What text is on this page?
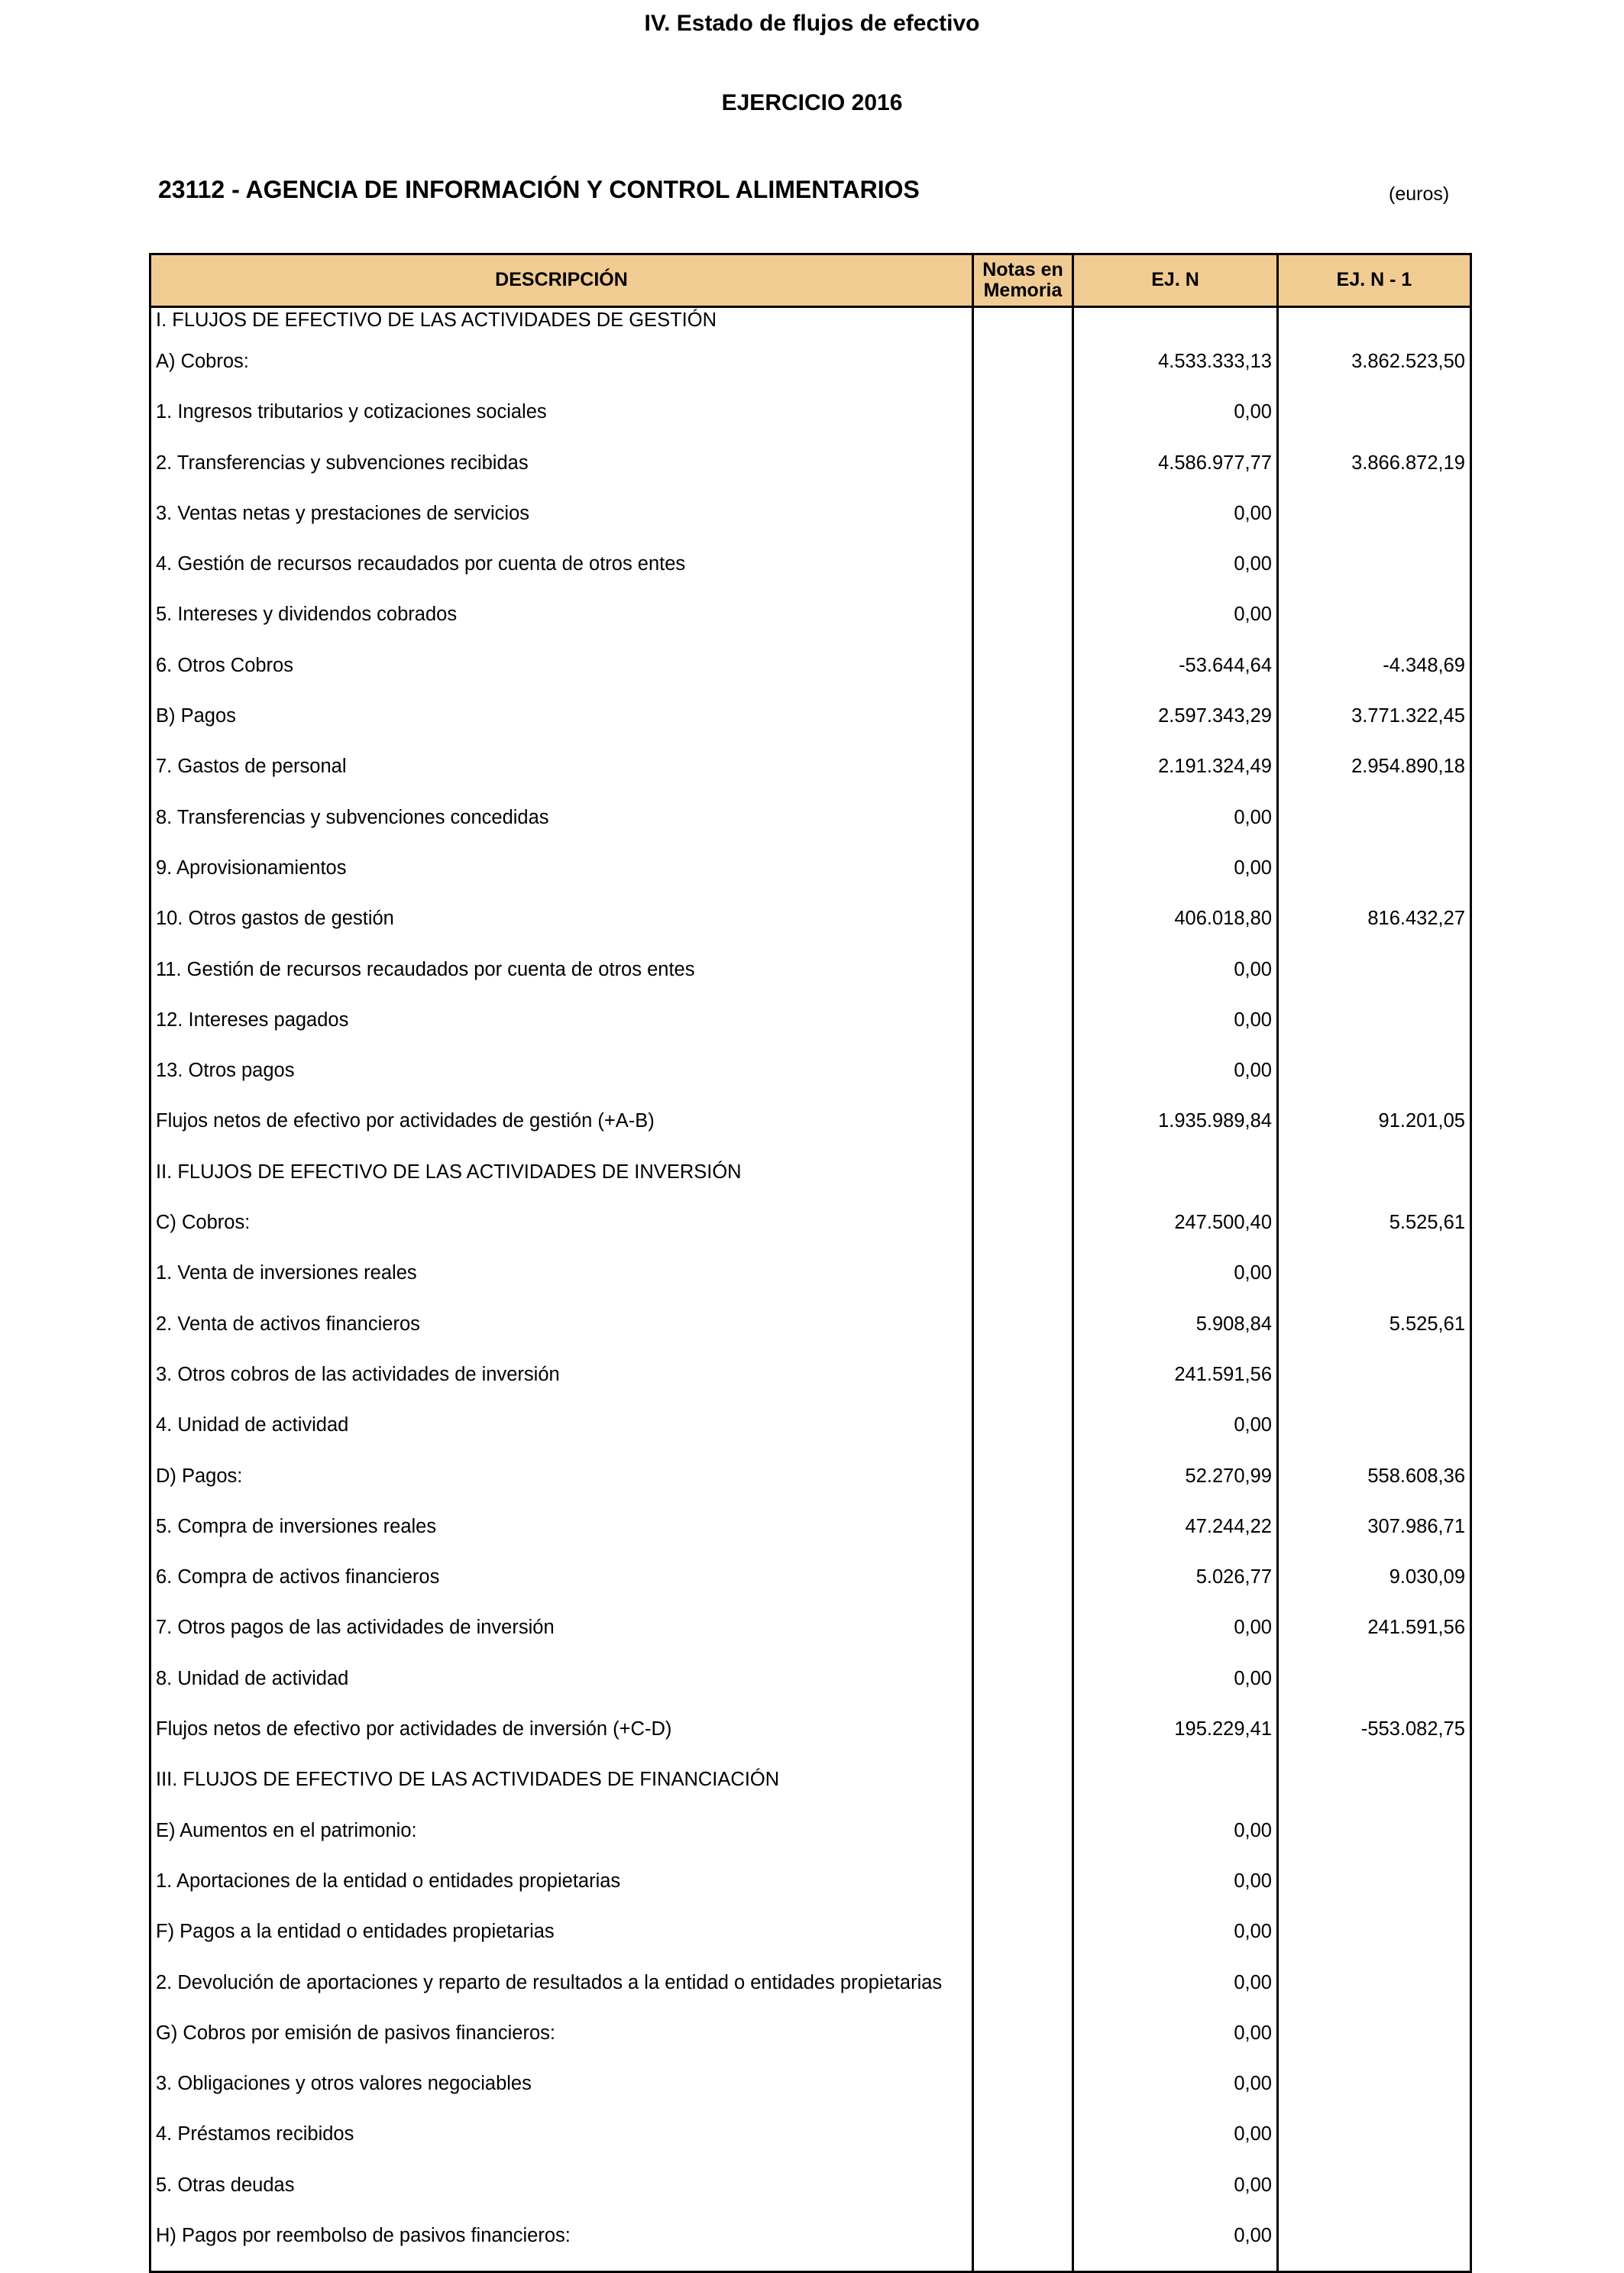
IV. Estado de flujos de efectivo
EJERCICIO 2016
23112 - AGENCIA DE INFORMACIÓN Y CONTROL ALIMENTARIOS	(euros)
DESCRIPCIÓN	Notas en Memoria	EJ. N	EJ. N - 1
I. FLUJOS DE EFECTIVO DE LAS ACTIVIDADES DE GESTIÓN			
A) Cobros:		4.533.333,13	3.862.523,50
1. Ingresos tributarios y cotizaciones sociales		0,00	
2. Transferencias y subvenciones recibidas		4.586.977,77	3.866.872,19
3. Ventas netas y prestaciones de servicios		0,00	
4. Gestión de recursos recaudados por cuenta de otros entes		0,00	
5. Intereses y dividendos cobrados		0,00	
6. Otros Cobros		-53.644,64	-4.348,69
B) Pagos		2.597.343,29	3.771.322,45
7. Gastos de personal		2.191.324,49	2.954.890,18
8. Transferencias y subvenciones concedidas		0,00	
9. Aprovisionamientos		0,00	
10. Otros gastos de gestión		406.018,80	816.432,27
11. Gestión de recursos recaudados por cuenta de otros entes		0,00	
12. Intereses pagados		0,00	
13. Otros pagos		0,00	
Flujos netos de efectivo por actividades de gestión (+A-B)		1.935.989,84	91.201,05
II. FLUJOS DE EFECTIVO DE LAS ACTIVIDADES DE INVERSIÓN			
C) Cobros:		247.500,40	5.525,61
1. Venta de inversiones reales		0,00	
2. Venta de activos financieros		5.908,84	5.525,61
3. Otros cobros de las actividades de inversión		241.591,56	
4. Unidad de actividad		0,00	
D) Pagos:		52.270,99	558.608,36
5. Compra de inversiones reales		47.244,22	307.986,71
6. Compra de activos financieros		5.026,77	9.030,09
7. Otros pagos de las actividades de inversión		0,00	241.591,56
8. Unidad de actividad		0,00	
Flujos netos de efectivo por actividades de inversión (+C-D)		195.229,41	-553.082,75
III. FLUJOS DE EFECTIVO DE LAS ACTIVIDADES DE FINANCIACIÓN			
E) Aumentos en el patrimonio:		0,00	
1. Aportaciones de la entidad o entidades propietarias		0,00	
F) Pagos a la entidad o entidades propietarias		0,00	
2. Devolución de aportaciones y reparto de resultados a la entidad o entidades propietarias		0,00	
G) Cobros por emisión de pasivos financieros:		0,00	
3. Obligaciones y otros valores negociables		0,00	
4. Préstamos recibidos		0,00	
5. Otras deudas		0,00	
H) Pagos por reembolso de pasivos financieros:		0,00	
